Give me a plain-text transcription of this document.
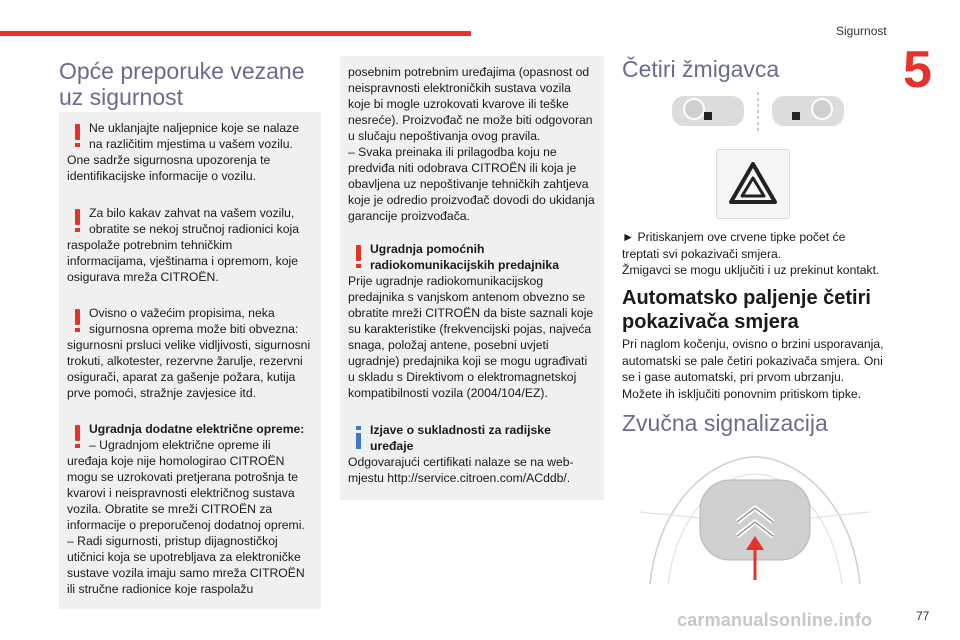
Sigurnost
5
Opće preporuke vezane uz sigurnost
Ne uklanjajte naljepnice koje se nalaze na različitim mjestima u vašem vozilu.
One sadrže sigurnosna upozorenja te identifikacijske informacije o vozilu.
Za bilo kakav zahvat na vašem vozilu, obratite se nekoj stručnoj radionici koja
raspolaže potrebnim tehničkim informacijama, vještinama i opremom, koje osigurava mreža CITROËN.
Ovisno o važećim propisima, neka sigurnosna oprema može biti obvezna:
sigurnosni prsluci velike vidljivosti, sigurnosni trokuti, alkotester, rezervne žarulje, rezervni osigurači, aparat za gašenje požara, kutija prve pomoći, stražnje zavjesice itd.
Ugradnja dodatne električne opreme:
– Ugradnjom električne opreme ili
uređaja koje nije homologirao CITROËN mogu se uzrokovati pretjerana potrošnja te kvarovi i neispravnosti električnog sustava vozila. Obratite se mreži CITROËN za informacije o preporučenoj dodatnoj opremi.
– Radi sigurnosti, pristup dijagnostičkoj utičnici koja se upotrebljava za elektroničke sustave vozila imaju samo mreža CITROËN ili stručne radionice koje raspolažu
posebnim potrebnim uređajima (opasnost od neispravnosti elektroničkih sustava vozila koje bi mogle uzrokovati kvarove ili teške nesreće). Proizvođač ne može biti odgovoran u slučaju nepoštivanja ovog pravila.
– Svaka preinaka ili prilagodba koju ne predviđa niti odobrava CITROËN ili koja je obavljena uz nepoštivanje tehničkih zahtjeva koje je odredio proizvođač dovodi do ukidanja garancije proizvođača.
Ugradnja pomoćnih radiokomunikacijskih predajnika
Prije ugradnje radiokomunikacijskog predajnika s vanjskom antenom obvezno se obratite mreži CITROËN da biste saznali koje su karakteristike (frekvencijski pojas, najveća snaga, položaj antene, posebni uvjeti ugradnje) predajnika koji se mogu ugrađivati u skladu s Direktivom o elektromagnetskoj kompatibilnosti vozila (2004/104/EZ).
Izjave o sukladnosti za radijske uređaje
Odgovarajući certifikati nalaze se na web-mjestu http://service.citroen.com/ACddb/.
Četiri žmigavca
► Pritiskanjem ove crvene tipke počet će treptati svi pokazivači smjera.
Žmigavci se mogu uključiti i uz prekinut kontakt.
Automatsko paljenje četiri pokazivača smjera
Pri naglom kočenju, ovisno o brzini usporavanja, automatski se pale četiri pokazivača smjera. Oni se i gase automatski, pri prvom ubrzanju.
Možete ih isključiti ponovnim pritiskom tipke.
Zvučna signalizacija
carmanualsonline.info	77
